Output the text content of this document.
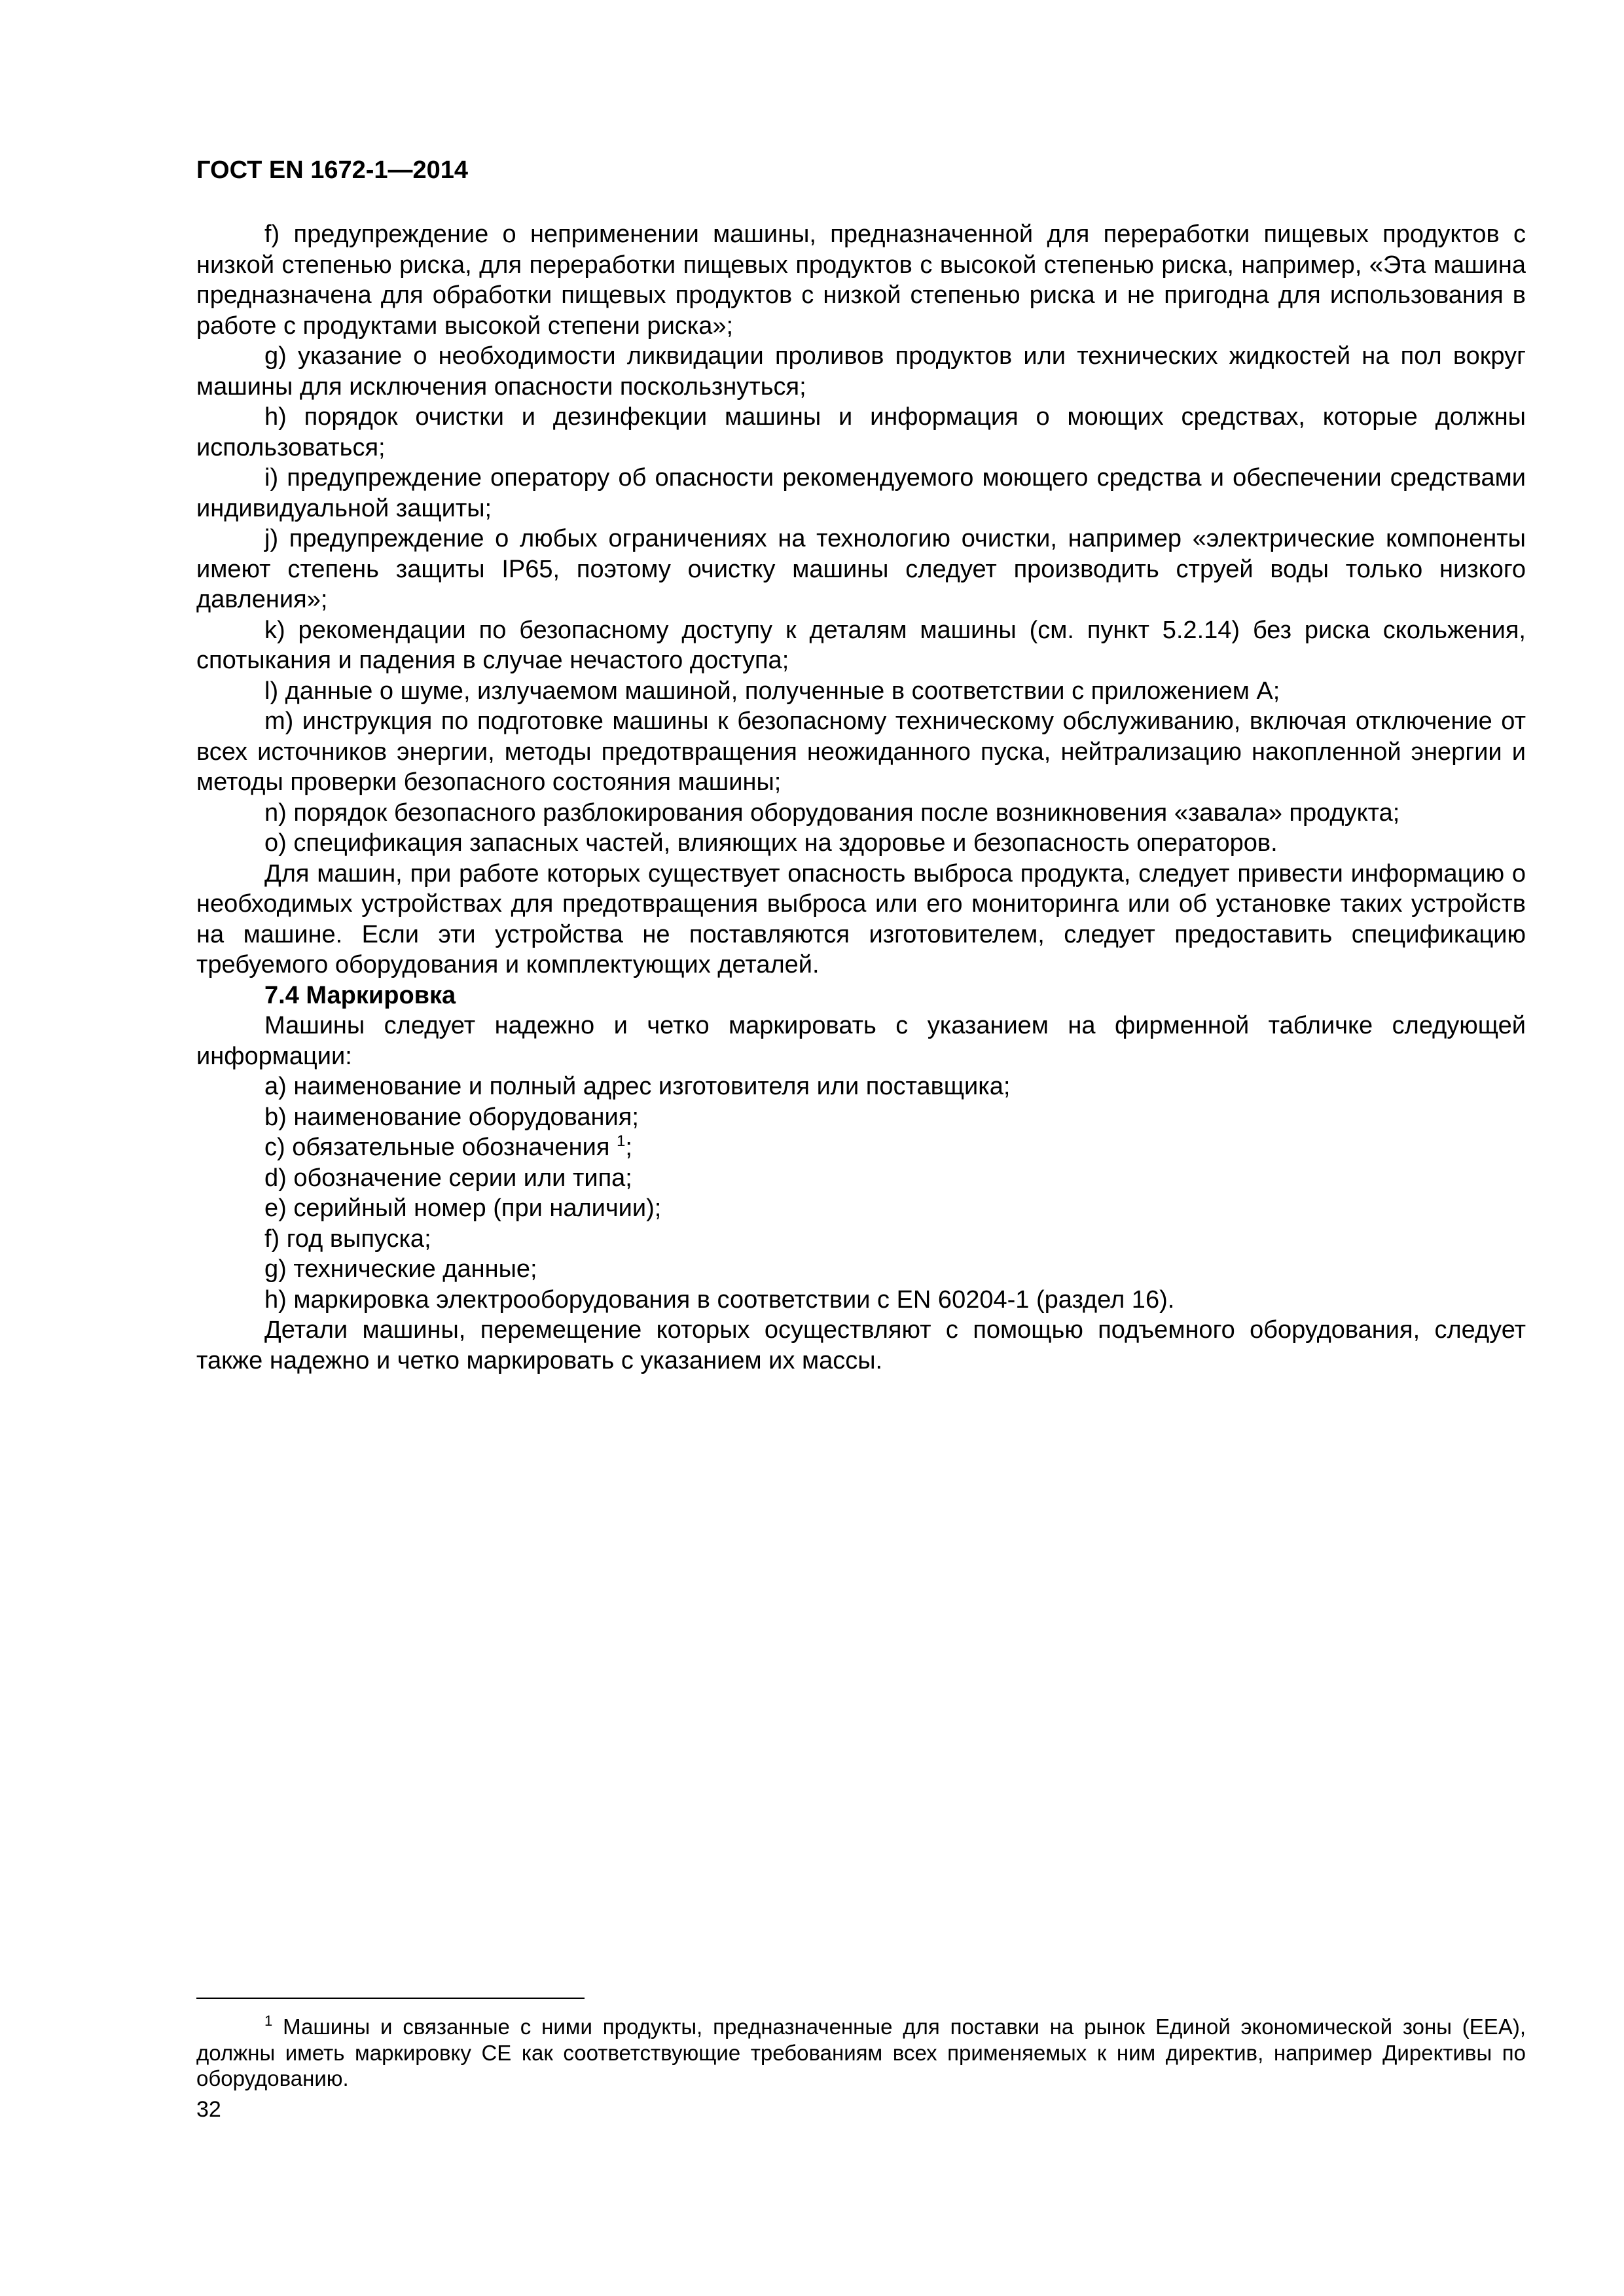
ГОСТ EN 1672-1—2014

f) предупреждение о неприменении машины, предназначенной для переработки пищевых продуктов с низкой степенью риска, для переработки пищевых продуктов с высокой степенью риска, например, «Эта машина предназначена для обработки пищевых продуктов с низкой степенью риска и не пригодна для использования в работе с продуктами высокой степени риска»;

g) указание о необходимости ликвидации проливов продуктов или технических жидкостей на пол вокруг машины для исключения опасности поскользнуться;

h) порядок очистки и дезинфекции машины и информация о моющих средствах, которые должны использоваться;

i) предупреждение оператору об опасности рекомендуемого моющего средства и обеспечении средствами индивидуальной защиты;

j) предупреждение о любых ограничениях на технологию очистки, например «электрические компоненты имеют степень защиты IP65, поэтому очистку машины следует производить струей воды только низкого давления»;

k) рекомендации по безопасному доступу к деталям машины (см. пункт 5.2.14) без риска скольжения, спотыкания и падения в случае нечастого доступа;

l) данные о шуме, излучаемом машиной, полученные в соответствии с приложением А;

m) инструкция по подготовке машины к безопасному техническому обслуживанию, включая отключение от всех источников энергии, методы предотвращения неожиданного пуска, нейтрализацию накопленной энергии и методы проверки безопасного состояния машины;

n) порядок безопасного разблокирования оборудования после возникновения «завала» продукта;

o) спецификация запасных частей, влияющих на здоровье и безопасность операторов.

Для машин, при работе которых существует опасность выброса продукта, следует привести информацию о необходимых устройствах для предотвращения выброса или его мониторинга или об установке таких устройств на машине. Если эти устройства не поставляются изготовителем, следует предоставить спецификацию требуемого оборудования и комплектующих деталей.

7.4 Маркировка

Машины следует надежно и четко маркировать с указанием на фирменной табличке следующей информации:

a) наименование и полный адрес изготовителя или поставщика;

b) наименование оборудования;

c) обязательные обозначения $^1$;

d) обозначение серии или типа;

e) серийный номер (при наличии);

f) год выпуска;

g) технические данные;

h) маркировка электрооборудования в соответствии с EN 60204-1 (раздел 16).

Детали машины, перемещение которых осуществляют с помощью подъемного оборудования, следует также надежно и четко маркировать с указанием их массы.

$^1$ Машины и связанные с ними продукты, предназначенные для поставки на рынок Единой экономической зоны (ЕЕА), должны иметь маркировку СЕ как соответствующие требованиям всех применяемых к ним директив, например Директивы по оборудованию.

32
